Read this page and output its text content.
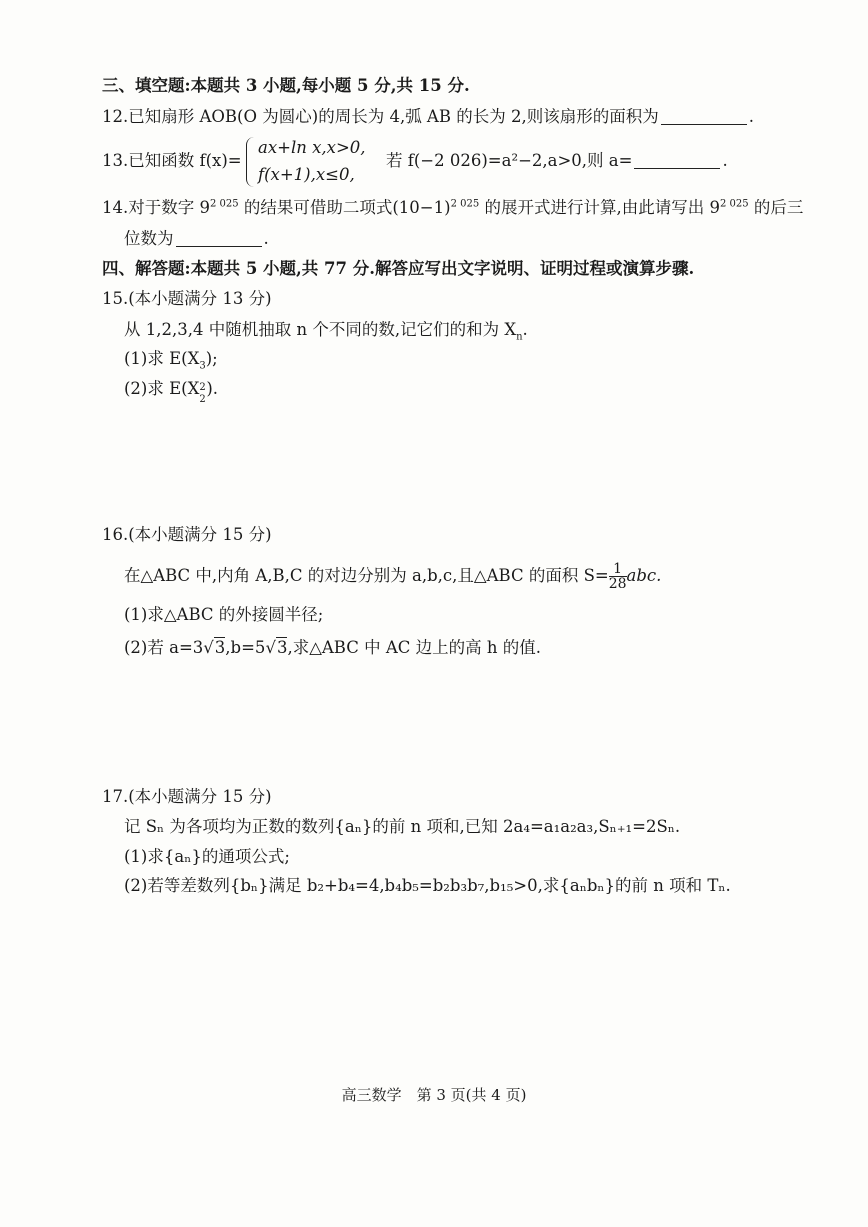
三、填空题:本题共 3 小题,每小题 5 分,共 15 分.
12.已知扇形 AOB(O 为圆心)的周长为 4,弧 AB 的长为 2,则该扇形的面积为	.
13.已知函数 f(x)=
ax+ln x,x>0,
f(x+1),x≤0,
若 f(−2 026)=a²−2,a>0,则 a=	.
14.对于数字 $9^{2 025}$ 的结果可借助二项式$(10-1)^{2 025}$ 的展开式进行计算,由此请写出 $9^{2 025}$ 的后三
位数为	.
四、解答题:本题共 5 小题,共 77 分.解答应写出文字说明、证明过程或演算步骤.
15.(本小题满分 13 分)
从 1,2,3,4 中随机抽取 n 个不同的数,记它们的和为 $X_n$.
(1)求 $E(X_3)$;
(2)求 E(X 2
2
).
16.(本小题满分 15 分)
在△ABC 中,内角 A,B,C 的对边分别为 a,b,c,且△ABC 的面积 $S= \frac{1}{28}$ abc.
(1)求△ABC 的外接圆半径;
(2)若 a=3√3,b=5√3,求△ABC 中 AC 边上的高 h 的值.
17.(本小题满分 15 分)
记 Sₙ 为各项均为正数的数列{aₙ}的前 n 项和,已知 2a₄=a₁a₂a₃,Sₙ₊₁=2Sₙ.
(1)求{aₙ}的通项公式;
(2)若等差数列{bₙ}满足 b₂+b₄=4,b₄b₅=b₂b₃b₇,b₁₅>0,求{aₙbₙ}的前 n 项和 Tₙ.
高三数学　第 3 页(共 4 页)
